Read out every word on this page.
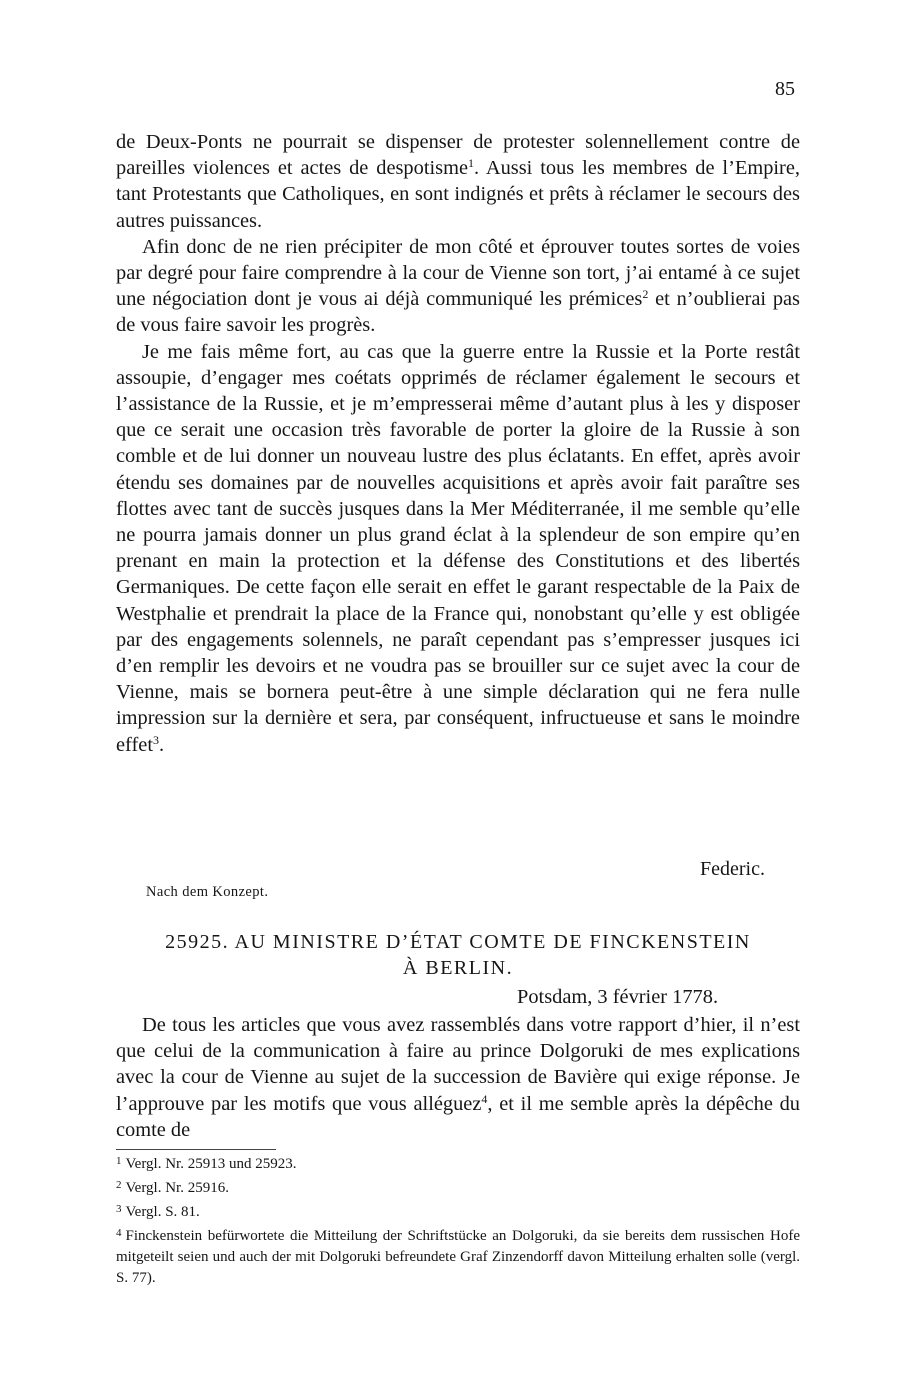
85

de Deux-Ponts ne pourrait se dispenser de protester solennellement contre de pareilles violences et actes de despotisme$^1$. Aussi tous les membres de l’Empire, tant Protestants que Catholiques, en sont indignés et prêts à réclamer le secours des autres puissances.

Afin donc de ne rien précipiter de mon côté et éprouver toutes sortes de voies par degré pour faire comprendre à la cour de Vienne son tort, j’ai entamé à ce sujet une négociation dont je vous ai déjà communiqué les prémices$^2$ et n’oublierai pas de vous faire savoir les progrès.

Je me fais même fort, au cas que la guerre entre la Russie et la Porte restât assoupie, d’engager mes coétats opprimés de réclamer également le secours et l’assistance de la Russie, et je m’empresserai même d’autant plus à les y disposer que ce serait une occasion très favorable de porter la gloire de la Russie à son comble et de lui donner un nouveau lustre des plus éclatants. En effet, après avoir étendu ses domaines par de nouvelles acquisitions et après avoir fait paraître ses flottes avec tant de succès jusques dans la Mer Méditerranée, il me semble qu’elle ne pourra jamais donner un plus grand éclat à la splendeur de son empire qu’en prenant en main la protection et la défense des Constitutions et des libertés Germaniques. De cette façon elle serait en effet le garant respectable de la Paix de Westphalie et prendrait la place de la France qui, nonobstant qu’elle y est obligée par des engagements solennels, ne paraît cependant pas s’empresser jusques ici d’en remplir les devoirs et ne voudra pas se brouiller sur ce sujet avec la cour de Vienne, mais se bornera peut-être à une simple déclaration qui ne fera nulle impression sur la dernière et sera, par conséquent, infructueuse et sans le moindre effet$^3$.

Federic.
Nach dem Konzept.
25925. AU MINISTRE D’ÉTAT COMTE DE FINCKENSTEIN
À BERLIN.
Potsdam, 3 février 1778.

De tous les articles que vous avez rassemblés dans votre rapport d’hier, il n’est que celui de la communication à faire au prince Dolgoruki de mes explications avec la cour de Vienne au sujet de la succession de Bavière qui exige réponse. Je l’approuve par les motifs que vous alléguez$^4$, et il me semble après la dépêche du comte de

$^1$ Vergl. Nr. 25913 und 25923.

$^2$ Vergl. Nr. 25916.

$^3$ Vergl. S. 81.

$^4$ Finckenstein befürwortete die Mitteilung der Schriftstücke an Dolgoruki, da sie bereits dem russischen Hofe mitgeteilt seien und auch der mit Dolgoruki befreundete Graf Zinzendorff davon Mitteilung erhalten solle (vergl. S. 77).
